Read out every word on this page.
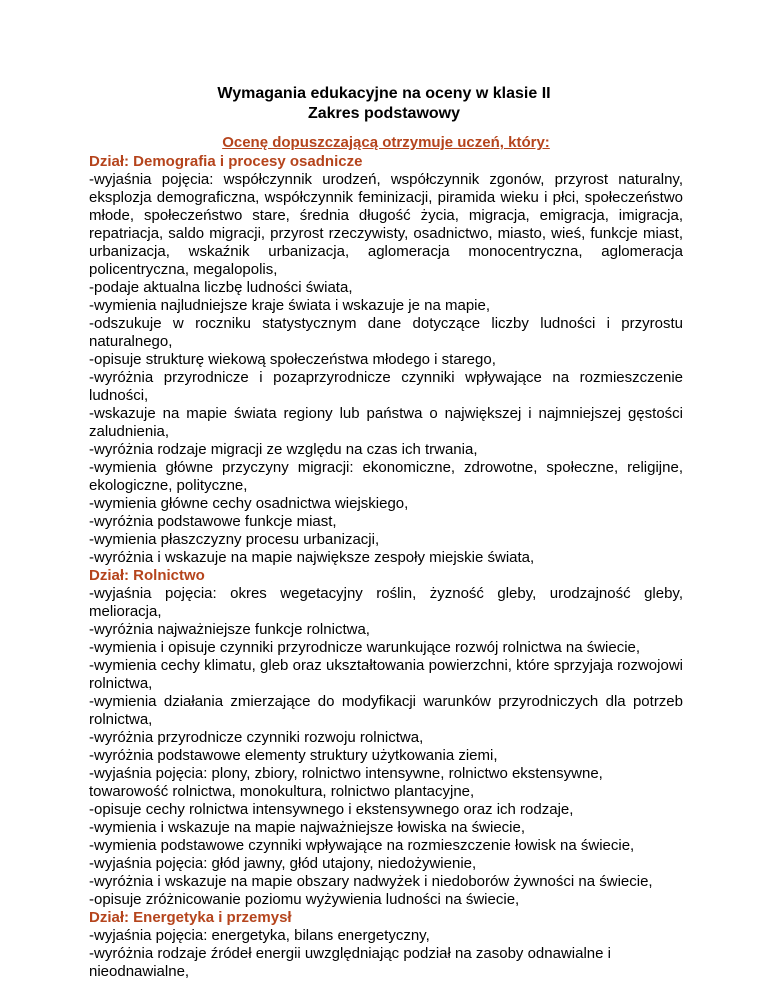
Wymagania edukacyjne na oceny w klasie II

Zakres podstawowy

Ocenę dopuszczającą otrzymuje uczeń, który:

Dział: Demografia i procesy osadnicze

-wyjaśnia pojęcia: współczynnik urodzeń, współczynnik zgonów, przyrost naturalny, eksplozja demograficzna, współczynnik feminizacji, piramida wieku i płci, społeczeństwo młode, społeczeństwo stare, średnia długość życia, migracja, emigracja, imigracja, repatriacja, saldo migracji, przyrost rzeczywisty, osadnictwo, miasto, wieś, funkcje miast, urbanizacja, wskaźnik urbanizacja, aglomeracja monocentryczna, aglomeracja policentryczna, megalopolis,

-podaje aktualna liczbę ludności świata,

-wymienia najludniejsze kraje świata i wskazuje je na mapie,

-odszukuje w roczniku statystycznym dane dotyczące liczby ludności i przyrostu naturalnego,

-opisuje strukturę wiekową społeczeństwa młodego i starego,

-wyróżnia przyrodnicze i pozaprzyrodnicze czynniki wpływające na rozmieszczenie ludności,

-wskazuje na mapie świata regiony lub państwa o największej i najmniejszej gęstości zaludnienia,

-wyróżnia rodzaje migracji ze względu na czas ich trwania,

-wymienia główne przyczyny migracji: ekonomiczne, zdrowotne, społeczne, religijne, ekologiczne, polityczne,

-wymienia główne cechy osadnictwa wiejskiego,

-wyróżnia podstawowe funkcje miast,

-wymienia płaszczyzny procesu urbanizacji,

-wyróżnia i wskazuje na mapie największe zespoły miejskie świata,

Dział: Rolnictwo

-wyjaśnia pojęcia: okres wegetacyjny roślin, żyzność gleby, urodzajność gleby, melioracja,

-wyróżnia najważniejsze funkcje rolnictwa,

-wymienia i opisuje czynniki przyrodnicze warunkujące rozwój rolnictwa na świecie,

-wymienia cechy klimatu, gleb oraz ukształtowania powierzchni, które sprzyjaja rozwojowi rolnictwa,

-wymienia działania zmierzające do modyfikacji warunków przyrodniczych dla potrzeb rolnictwa,

-wyróżnia przyrodnicze czynniki rozwoju rolnictwa,

-wyróżnia podstawowe elementy struktury użytkowania ziemi,

-wyjaśnia pojęcia: plony, zbiory, rolnictwo intensywne, rolnictwo ekstensywne, towarowość rolnictwa, monokultura, rolnictwo plantacyjne,

-opisuje cechy rolnictwa intensywnego i ekstensywnego oraz ich rodzaje,

-wymienia i wskazuje na mapie najważniejsze łowiska na świecie,

-wymienia podstawowe czynniki wpływające na rozmieszczenie łowisk na świecie,

-wyjaśnia pojęcia: głód jawny, głód utajony, niedożywienie,

-wyróżnia i wskazuje na mapie obszary nadwyżek i niedoborów żywności na świecie,

-opisuje zróżnicowanie poziomu wyżywienia ludności na świecie,

Dział: Energetyka i przemysł

-wyjaśnia pojęcia: energetyka, bilans energetyczny,

-wyróżnia rodzaje źródeł energii uwzględniając podział na zasoby odnawialne i nieodnawialne,
